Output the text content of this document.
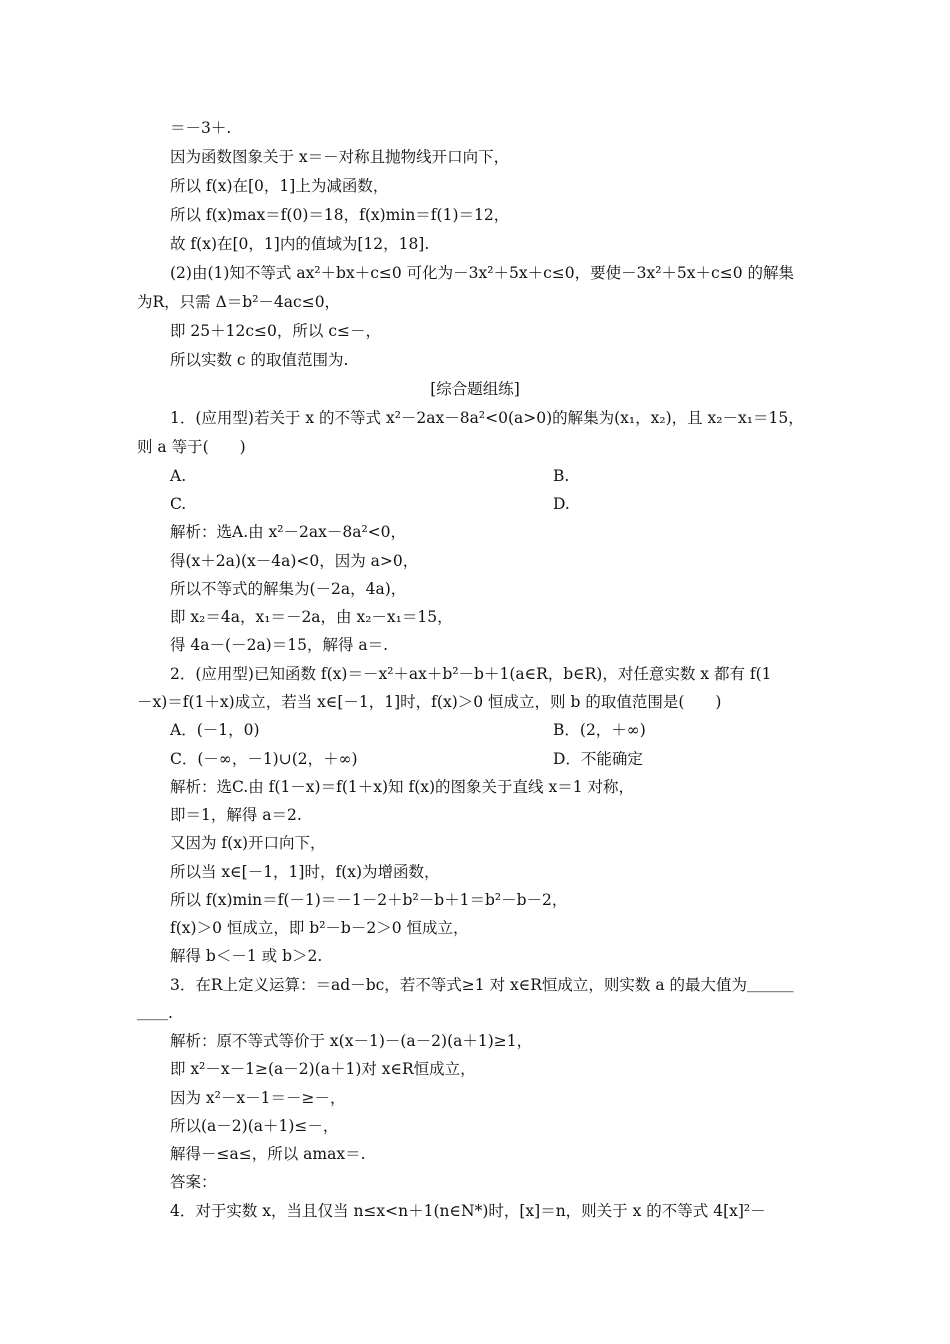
＝－3＋.
因为函数图象关于 x＝－对称且抛物线开口向下，
所以 f(x)在[0，1]上为减函数，
所以 f(x)max＝f(0)＝18，f(x)min＝f(1)＝12，
故 f(x)在[0，1]内的值域为[12，18].
(2)由(1)知不等式 ax²＋bx＋c≤0 可化为－3x²＋5x＋c≤0，要使－3x²＋5x＋c≤0 的解集
为R，只需 Δ＝b²－4ac≤0，
即 25＋12c≤0，所以 c≤－，
所以实数 c 的取值范围为.
[综合题组练]
1．(应用型)若关于 x 的不等式 x²－2ax－8a²<0(a>0)的解集为(x₁，x₂)，且 x₂－x₁＝15，
则 a 等于(　　)
A.	B.
C.	D.
解析：选A.由 x²－2ax－8a²<0，
得(x＋2a)(x－4a)<0，因为 a>0，
所以不等式的解集为(－2a，4a)，
即 x₂＝4a，x₁＝－2a，由 x₂－x₁＝15，
得 4a－(－2a)＝15，解得 a＝.
2．(应用型)已知函数 f(x)＝－x²＋ax＋b²－b＋1(a∈R，b∈R)，对任意实数 x 都有 f(1
－x)＝f(1＋x)成立，若当 x∈[－1，1]时，f(x)＞0 恒成立，则 b 的取值范围是(　　)
A．(－1，0)	B．(2，＋∞)
C．(－∞，－1)∪(2，＋∞)	D．不能确定
解析：选C.由 f(1－x)＝f(1＋x)知 f(x)的图象关于直线 x＝1 对称，
即＝1，解得 a＝2.
又因为 f(x)开口向下，
所以当 x∈[－1，1]时，f(x)为增函数，
所以 f(x)min＝f(－1)＝－1－2＋b²－b＋1＝b²－b－2，
f(x)＞0 恒成立，即 b²－b－2＞0 恒成立，
解得 b＜－1 或 b＞2.
3．在R上定义运算：＝ad－bc，若不等式≥1 对 x∈R恒成立，则实数 a 的最大值为＿＿＿
＿＿.
解析：原不等式等价于 x(x－1)－(a－2)(a＋1)≥1，
即 x²－x－1≥(a－2)(a＋1)对 x∈R恒成立，
因为 x²－x－1＝－≥－，
所以(a－2)(a＋1)≤－，
解得－≤a≤，所以 amax＝.
答案：
4．对于实数 x，当且仅当 n≤x<n＋1(n∈N*)时，[x]＝n，则关于 x 的不等式 4[x]²－
